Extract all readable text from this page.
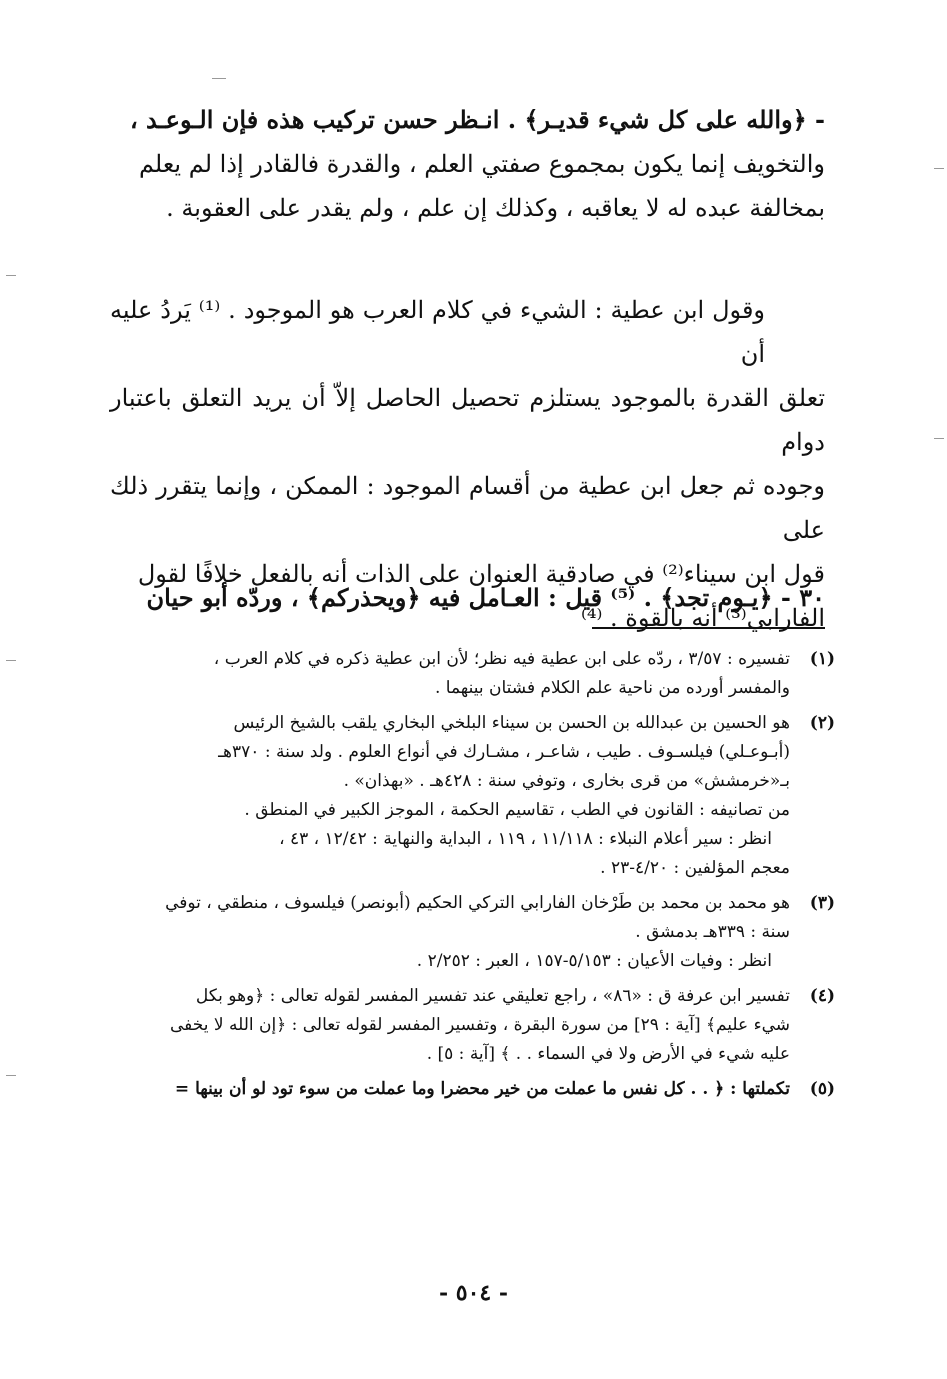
- ﴿والله على كل شيء قديـر﴾ . انـظر حسن تركيب هذه فإن الـوعـد ،

والتخويف إنما يكون بمجموع صفتي العلم ، والقدرة فالقادر إذا لم يعلم

بمخالفة عبده له لا يعاقبه ، وكذلك إن علم ، ولم يقدر على العقوبة .

وقول ابن عطية : الشيء في كلام العرب هو الموجود . ⁽¹⁾ يَردُ عليه أن

تعلق القدرة بالموجود يستلزم تحصيل الحاصل إلاّ أن يريد التعلق باعتبار دوام

وجوده ثم جعل ابن عطية من أقسام الموجود : الممكن ، وإنما يتقرر ذلك على

قول ابن سيناء⁽²⁾ في صادقية العنوان على الذات أنه بالفعل خلافًا لقول

الفارابي⁽³⁾ أنه بالقوة . ⁽⁴⁾

٣٠ - ﴿يـوم تجد﴾ . ⁽⁵⁾ قيل : العـامل فيه ﴿ويحذركم﴾ ، وردّه أبو حيان

(١)
تفسيره : ٣/٥٧ ، ردّه على ابن عطية فيه نظر؛ لأن ابن عطية ذكره في كلام العرب ،
والمفسر أورده من ناحية علم الكلام فشتان بينهما .
(٢)
هو الحسين بن عبدالله بن الحسن بن سيناء البلخي البخاري يلقب بالشيخ الرئيس
(أبـوعـلي) فيلسـوف . طيب ، شاعـر ، مشـارك في أنواع العلوم . ولد سنة : ٣٧٠هـ
بـ«خرمشش» من قرى بخارى ، وتوفي سنة : ٤٢٨هـ . «بهذان» .
من تصانيفه : القانون في الطب ، تقاسيم الحكمة ، الموجز الكبير في المنطق .
انظر : سير أعلام النبلاء : ١١/١١٨ ، ١١٩ ، البداية والنهاية : ١٢/٤٢ ، ٤٣ ،
معجم المؤلفين : ٤/٢٠-٢٣ .
(٣)
هو محمد بن محمد بن طَرْخان الفارابي التركي الحكيم (أبونصر) فيلسوف ، منطقي ، توفي
سنة : ٣٣٩هـ بدمشق .
انظر : وفيات الأعيان : ٥/١٥٣-١٥٧ ، العبر : ٢/٢٥٢ .
(٤)
تفسير ابن عرفة ق : «٨٦» ، راجع تعليقي عند تفسير المفسر لقوله تعالى : ﴿وهو بكل
شيء عليم﴾ [آية : ٢٩] من سورة البقرة ، وتفسير المفسر لقوله تعالى : ﴿إن الله لا يخفى
عليه شيء في الأرض ولا في السماء . . ﴾ [آية : ٥] .
(٥)
تكملتها : ﴿ . . كل نفس ما عملت من خير محضرا وما عملت من سوء تود لو أن بينها =
- ٥٠٤ -
